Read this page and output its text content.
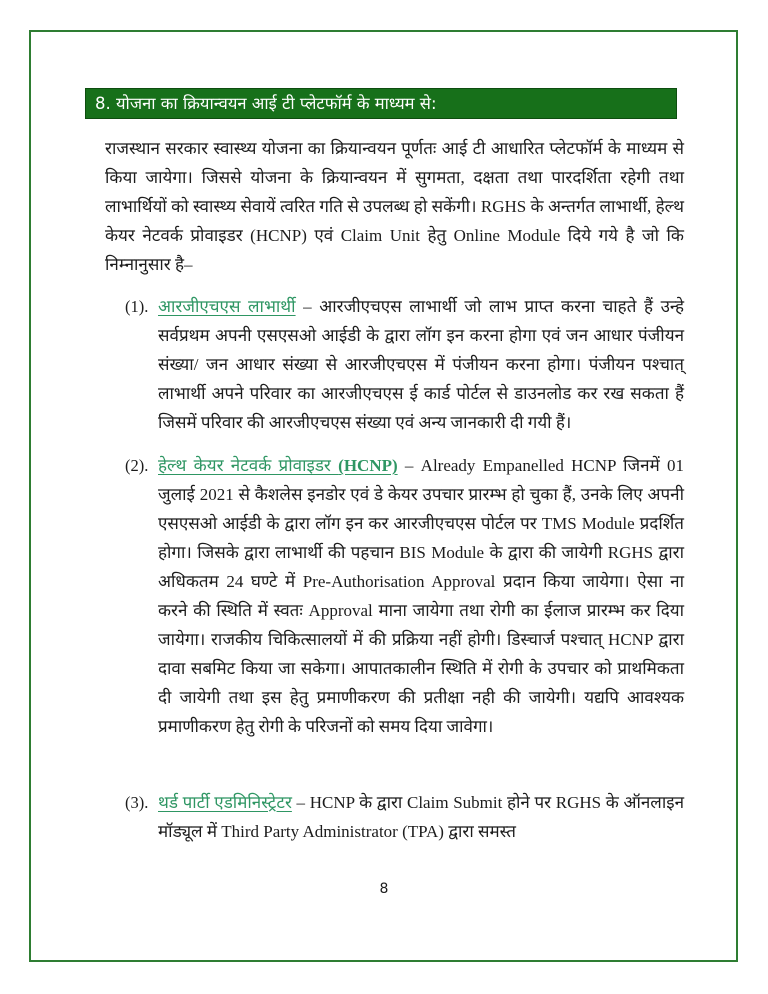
8. योजना का क्रियान्वयन आई टी प्लेटफॉर्म के माध्यम से:
राजस्थान सरकार स्वास्थ्य योजना का क्रियान्वयन पूर्णतः आई टी आधारित प्लेटफॉर्म के माध्यम से किया जायेगा। जिससे योजना के क्रियान्वयन में सुगमता, दक्षता तथा पारदर्शिता रहेगी तथा लाभार्थियों को स्वास्थ्य सेवायें त्वरित गति से उपलब्ध हो सकेंगी। RGHS के अन्तर्गत लाभार्थी, हेल्थ केयर नेटवर्क प्रोवाइडर (HCNP) एवं Claim Unit हेतु Online Module दिये गये है जो कि निम्नानुसार है–
(1). आरजीएचएस लाभार्थी – आरजीएचएस लाभार्थी जो लाभ प्राप्त करना चाहते हैं उन्हे सर्वप्रथम अपनी एसएसओ आईडी के द्वारा लॉग इन करना होगा एवं जन आधार पंजीयन संख्या/ जन आधार संख्या से आरजीएचएस में पंजीयन करना होगा। पंजीयन पश्चात् लाभार्थी अपने परिवार का आरजीएचएस ई कार्ड पोर्टल से डाउनलोड कर रख सकता हैं जिसमें परिवार की आरजीएचएस संख्या एवं अन्य जानकारी दी गयी हैं।
(2). हेल्थ केयर नेटवर्क प्रोवाइडर (HCNP) – Already Empanelled HCNP जिनमें 01 जुलाई 2021 से कैशलेस इनडोर एवं डे केयर उपचार प्रारम्भ हो चुका हैं, उनके लिए अपनी एसएसओ आईडी के द्वारा लॉग इन कर आरजीएचएस पोर्टल पर TMS Module प्रदर्शित होगा। जिसके द्वारा लाभार्थी की पहचान BIS Module के द्वारा की जायेगी RGHS द्वारा अधिकतम 24 घण्टे में Pre-Authorisation Approval प्रदान किया जायेगा। ऐसा ना करने की स्थिति में स्वतः Approval माना जायेगा तथा रोगी का ईलाज प्रारम्भ कर दिया जायेगा। राजकीय चिकित्सालयों में की प्रक्रिया नहीं होगी। डिस्चार्ज पश्चात् HCNP द्वारा दावा सबमिट किया जा सकेगा। आपातकालीन स्थिति में रोगी के उपचार को प्राथमिकता दी जायेगी तथा इस हेतु प्रमाणीकरण की प्रतीक्षा नही की जायेगी। यद्यपि आवश्यक प्रमाणीकरण हेतु रोगी के परिजनों को समय दिया जावेगा।
(3). थर्ड पार्टी एडमिनिस्ट्रेटर – HCNP के द्वारा Claim Submit होने पर RGHS के ऑनलाइन मॉड्यूल में Third Party Administrator (TPA) द्वारा समस्त
8
